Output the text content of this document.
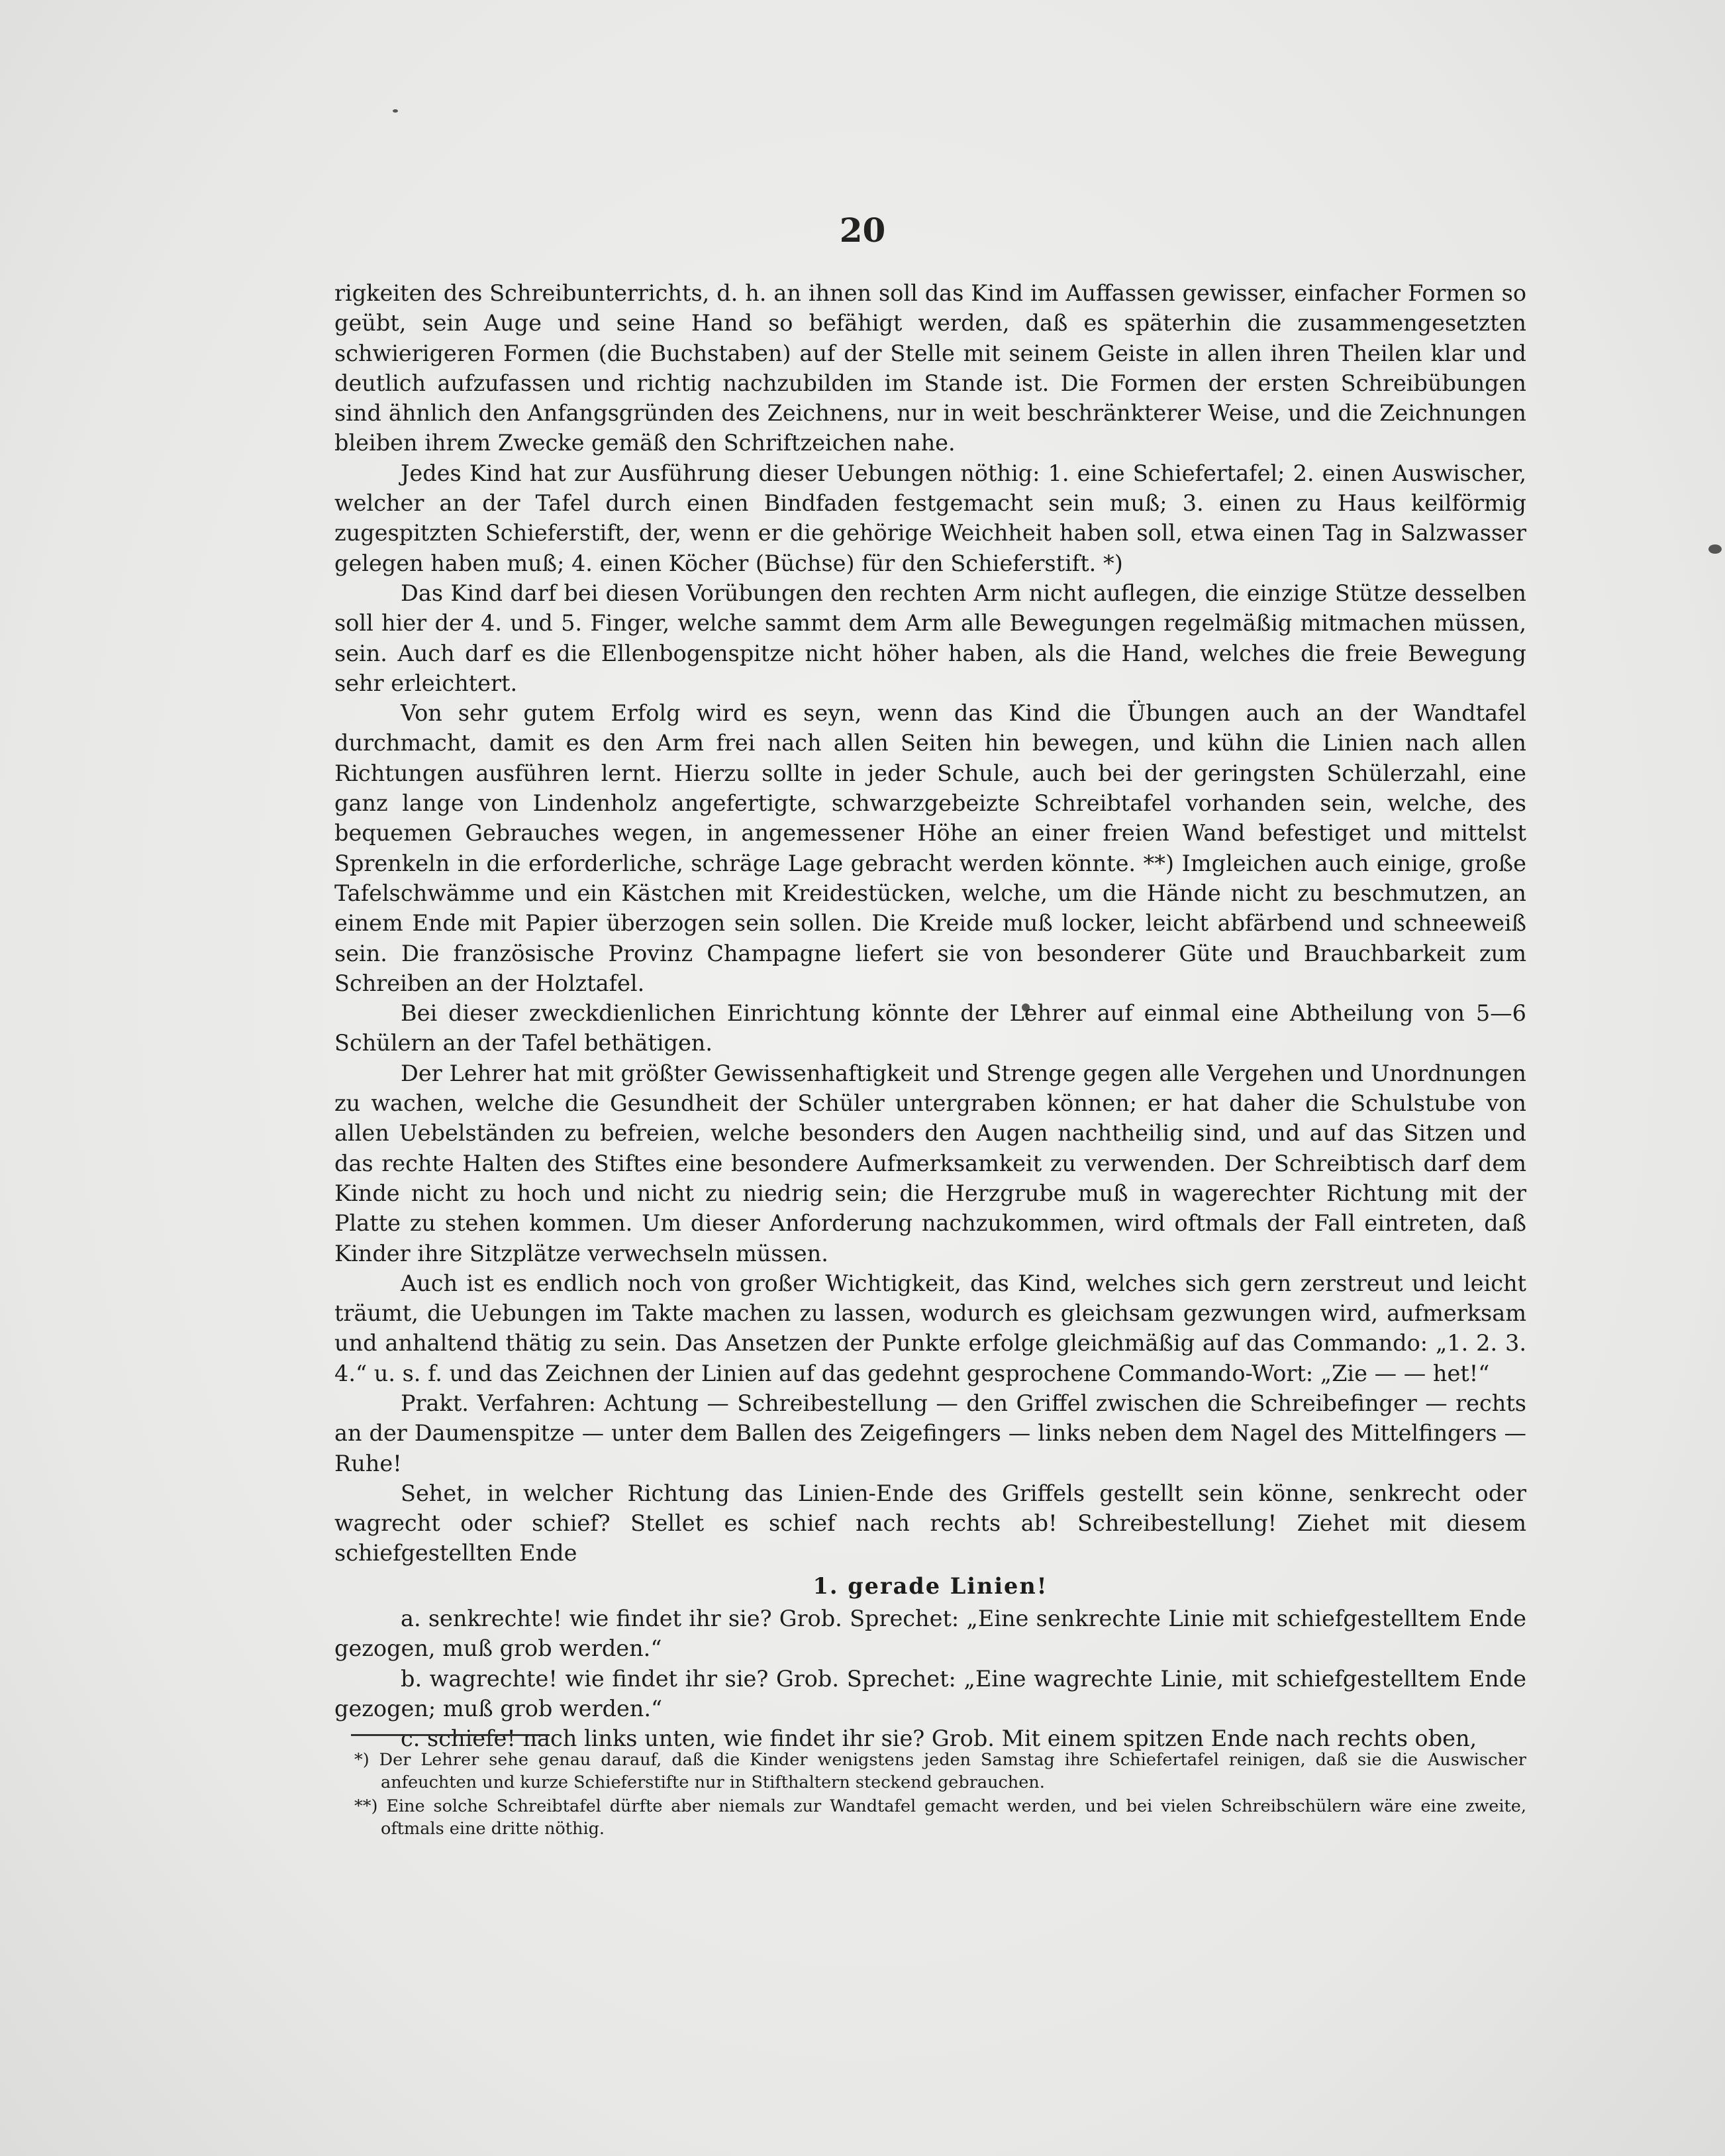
20

rigkeiten des Schreibunterrichts, d. h. an ihnen soll das Kind im Auffassen gewisser, einfacher Formen so geübt, sein Auge und seine Hand so befähigt werden, daß es späterhin die zusammengesetzten schwierigeren Formen (die Buchstaben) auf der Stelle mit seinem Geiste in allen ihren Theilen klar und deutlich aufzufassen und richtig nachzubilden im Stande ist. Die Formen der ersten Schreibübungen sind ähnlich den Anfangsgründen des Zeichnens, nur in weit beschränkterer Weise, und die Zeichnungen bleiben ihrem Zwecke gemäß den Schriftzeichen nahe.

Jedes Kind hat zur Ausführung dieser Uebungen nöthig: 1. eine Schiefertafel; 2. einen Auswischer, welcher an der Tafel durch einen Bindfaden festgemacht sein muß; 3. einen zu Haus keilförmig zugespitzten Schieferstift, der, wenn er die gehörige Weichheit haben soll, etwa einen Tag in Salzwasser gelegen haben muß; 4. einen Köcher (Büchse) für den Schieferstift. *)

Das Kind darf bei diesen Vorübungen den rechten Arm nicht auflegen, die einzige Stütze desselben soll hier der 4. und 5. Finger, welche sammt dem Arm alle Bewegungen regelmäßig mitmachen müssen, sein. Auch darf es die Ellenbogenspitze nicht höher haben, als die Hand, welches die freie Bewegung sehr erleichtert.

Von sehr gutem Erfolg wird es seyn, wenn das Kind die Übungen auch an der Wandtafel durchmacht, damit es den Arm frei nach allen Seiten hin bewegen, und kühn die Linien nach allen Richtungen ausführen lernt. Hierzu sollte in jeder Schule, auch bei der geringsten Schülerzahl, eine ganz lange von Lindenholz angefertigte, schwarzgebeizte Schreibtafel vorhanden sein, welche, des bequemen Gebrauches wegen, in angemessener Höhe an einer freien Wand befestiget und mittelst Sprenkeln in die erforderliche, schräge Lage gebracht werden könnte. **) Imgleichen auch einige, große Tafelschwämme und ein Kästchen mit Kreidestücken, welche, um die Hände nicht zu beschmutzen, an einem Ende mit Papier überzogen sein sollen. Die Kreide muß locker, leicht abfärbend und schneeweiß sein. Die französische Provinz Champagne liefert sie von besonderer Güte und Brauchbarkeit zum Schreiben an der Holztafel.

Bei dieser zweckdienlichen Einrichtung könnte der Lehrer auf einmal eine Abtheilung von 5—6 Schülern an der Tafel bethätigen.

Der Lehrer hat mit größter Gewissenhaftigkeit und Strenge gegen alle Vergehen und Unordnungen zu wachen, welche die Gesundheit der Schüler untergraben können; er hat daher die Schulstube von allen Uebelständen zu befreien, welche besonders den Augen nachtheilig sind, und auf das Sitzen und das rechte Halten des Stiftes eine besondere Aufmerksamkeit zu verwenden. Der Schreibtisch darf dem Kinde nicht zu hoch und nicht zu niedrig sein; die Herzgrube muß in wagerechter Richtung mit der Platte zu stehen kommen. Um dieser Anforderung nachzukommen, wird oftmals der Fall eintreten, daß Kinder ihre Sitzplätze verwechseln müssen.

Auch ist es endlich noch von großer Wichtigkeit, das Kind, welches sich gern zerstreut und leicht träumt, die Uebungen im Takte machen zu lassen, wodurch es gleichsam gezwungen wird, aufmerksam und anhaltend thätig zu sein. Das Ansetzen der Punkte erfolge gleichmäßig auf das Commando: „1. 2. 3. 4.“ u. s. f. und das Zeichnen der Linien auf das gedehnt gesprochene Commando-Wort: „Zie — — het!“

Prakt. Verfahren: Achtung — Schreibestellung — den Griffel zwischen die Schreibefinger — rechts an der Daumenspitze — unter dem Ballen des Zeigefingers — links neben dem Nagel des Mittelfingers — Ruhe!

Sehet, in welcher Richtung das Linien-Ende des Griffels gestellt sein könne, senkrecht oder wagrecht oder schief? Stellet es schief nach rechts ab! Schreibestellung! Ziehet mit diesem schiefgestellten Ende

1. gerade Linien!

a. senkrechte! wie findet ihr sie? Grob. Sprechet: „Eine senkrechte Linie mit schiefgestelltem Ende gezogen, muß grob werden.“

b. wagrechte! wie findet ihr sie? Grob. Sprechet: „Eine wagrechte Linie, mit schiefgestelltem Ende gezogen; muß grob werden.“

c. schiefe! nach links unten, wie findet ihr sie? Grob. Mit einem spitzen Ende nach rechts oben,

*) Der Lehrer sehe genau darauf, daß die Kinder wenigstens jeden Samstag ihre Schiefertafel reinigen, daß sie die Auswischer anfeuchten und kurze Schieferstifte nur in Stifthaltern steckend gebrauchen.

**) Eine solche Schreibtafel dürfte aber niemals zur Wandtafel gemacht werden, und bei vielen Schreibschülern wäre eine zweite, oftmals eine dritte nöthig.
